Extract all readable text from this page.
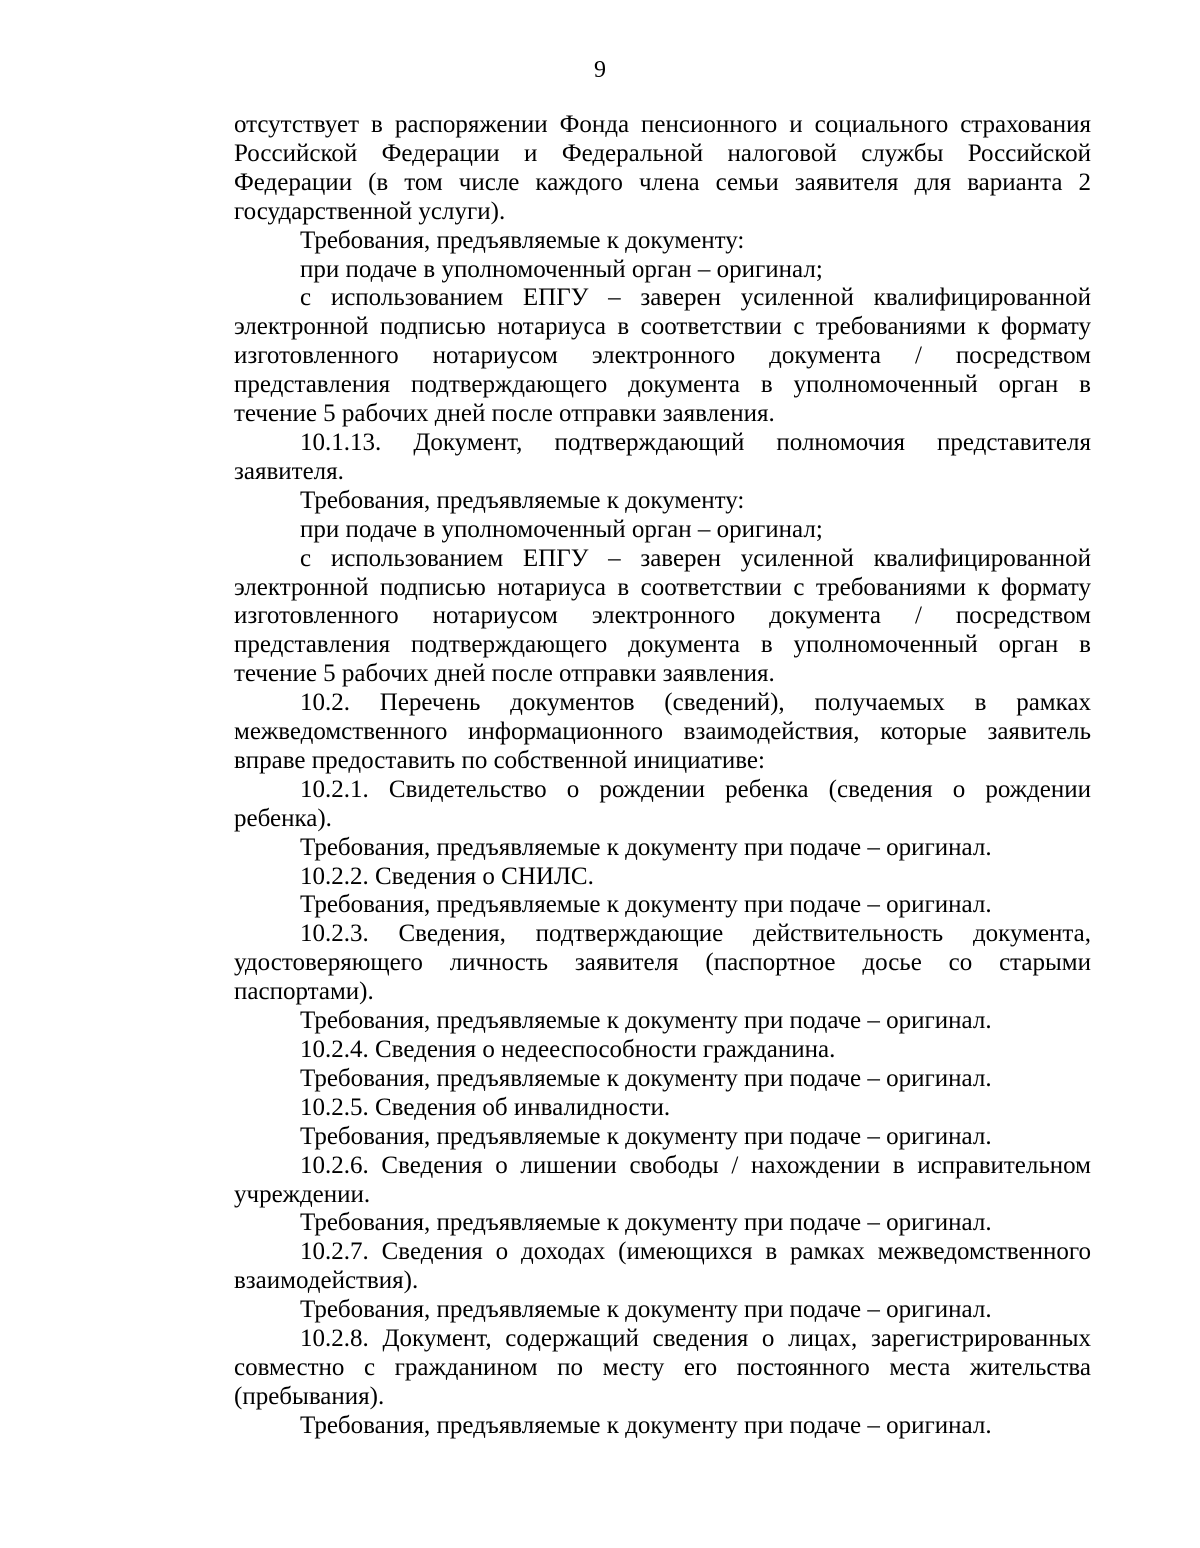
9

отсутствует в распоряжении Фонда пенсионного и социального страхования Российской Федерации и Федеральной налоговой службы Российской Федерации (в том числе каждого члена семьи заявителя для варианта 2 государственной услуги).

Требования, предъявляемые к документу:

при подаче в уполномоченный орган – оригинал;

с использованием ЕПГУ – заверен усиленной квалифицированной электронной подписью нотариуса в соответствии с требованиями к формату изготовленного нотариусом электронного документа / посредством представления подтверждающего документа в уполномоченный орган в течение 5 рабочих дней после отправки заявления.

10.1.13. Документ, подтверждающий полномочия представителя заявителя.

Требования, предъявляемые к документу:

при подаче в уполномоченный орган – оригинал;

с использованием ЕПГУ – заверен усиленной квалифицированной электронной подписью нотариуса в соответствии с требованиями к формату изготовленного нотариусом электронного документа / посредством представления подтверждающего документа в уполномоченный орган в течение 5 рабочих дней после отправки заявления.

10.2. Перечень документов (сведений), получаемых в рамках межведомственного информационного взаимодействия, которые заявитель вправе предоставить по собственной инициативе:

10.2.1. Свидетельство о рождении ребенка (сведения о рождении ребенка).

Требования, предъявляемые к документу при подаче – оригинал.

10.2.2. Сведения о СНИЛС.

Требования, предъявляемые к документу при подаче – оригинал.

10.2.3. Сведения, подтверждающие действительность документа, удостоверяющего личность заявителя (паспортное досье со старыми паспортами).

Требования, предъявляемые к документу при подаче – оригинал.

10.2.4. Сведения о недееспособности гражданина.

Требования, предъявляемые к документу при подаче – оригинал.

10.2.5. Сведения об инвалидности.

Требования, предъявляемые к документу при подаче – оригинал.

10.2.6. Сведения о лишении свободы / нахождении в исправительном учреждении.

Требования, предъявляемые к документу при подаче – оригинал.

10.2.7. Сведения о доходах (имеющихся в рамках межведомственного взаимодействия).

Требования, предъявляемые к документу при подаче – оригинал.

10.2.8. Документ, содержащий сведения о лицах, зарегистрированных совместно с гражданином по месту его постоянного места жительства (пребывания).

Требования, предъявляемые к документу при подаче – оригинал.
